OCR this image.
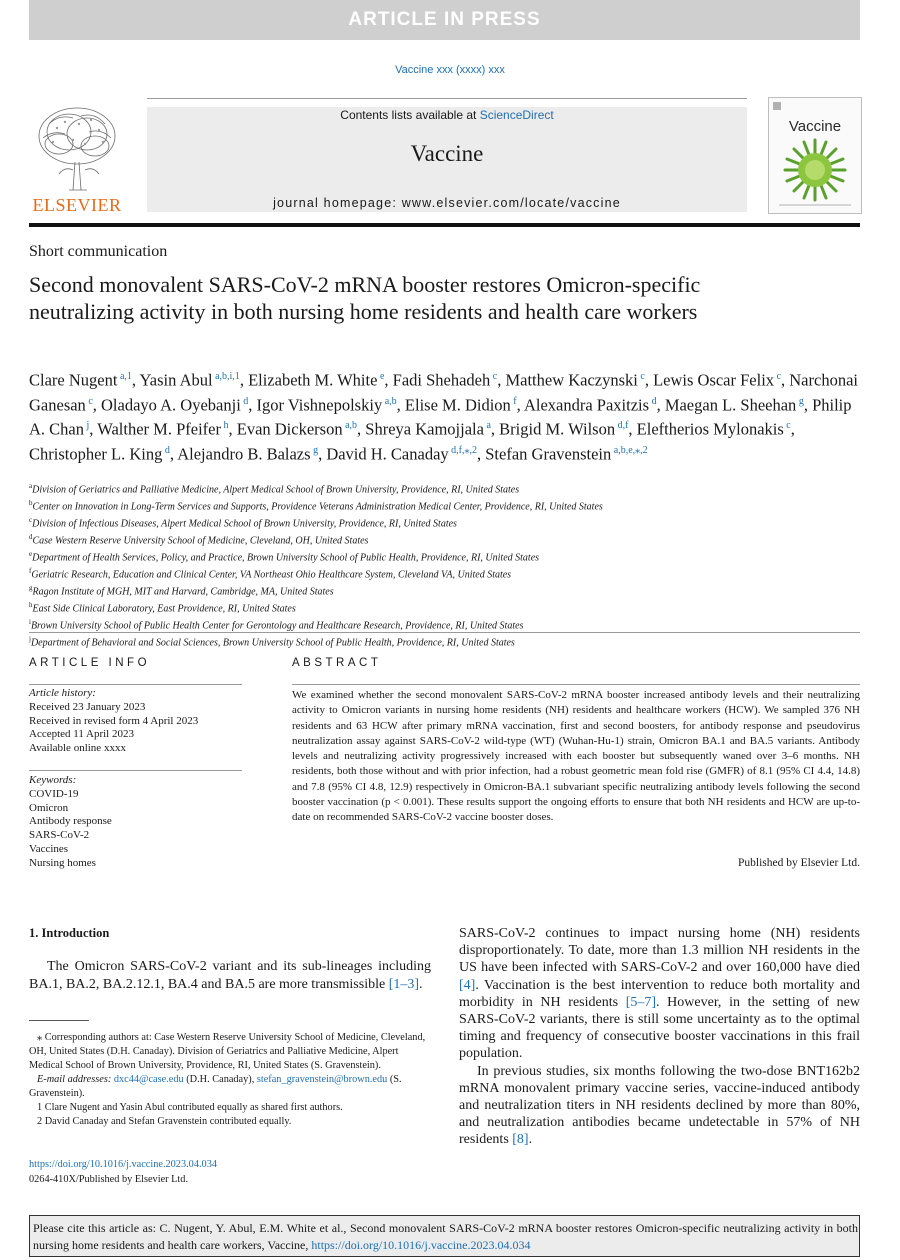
ARTICLE IN PRESS
Vaccine xxx (xxxx) xxx
Contents lists available at ScienceDirect
Vaccine
journal homepage: www.elsevier.com/locate/vaccine
ELSEVIER
Vaccine
Short communication
Second monovalent SARS-CoV-2 mRNA booster restores Omicron-specific neutralizing activity in both nursing home residents and health care workers
Clare Nugent $^{a,1}$, Yasin Abul $^{a,b,i,1}$, Elizabeth M. White $^e$, Fadi Shehadeh $^c$, Matthew Kaczynski $^c$, Lewis Oscar Felix $^c$, Narchonai Ganesan $^c$, Oladayo A. Oyebanji $^d$, Igor Vishnepolskiy $^{a,b}$, Elise M. Didion $^f$, Alexandra Paxitzis $^d$, Maegan L. Sheehan $^g$, Philip A. Chan $^j$, Walther M. Pfeifer $^h$, Evan Dickerson $^{a,b}$, Shreya Kamojjala $^a$, Brigid M. Wilson $^{d,f}$, Eleftherios Mylonakis $^c$, Christopher L. King $^d$, Alejandro B. Balazs $^g$, David H. Canaday $^{d,f,⁎,2}$, Stefan Gravenstein $^{a,b,e,⁎,2}$
$^a$Division of Geriatrics and Palliative Medicine, Alpert Medical School of Brown University, Providence, RI, United States
$^b$Center on Innovation in Long-Term Services and Supports, Providence Veterans Administration Medical Center, Providence, RI, United States
$^c$Division of Infectious Diseases, Alpert Medical School of Brown University, Providence, RI, United States
$^d$Case Western Reserve University School of Medicine, Cleveland, OH, United States
$^e$Department of Health Services, Policy, and Practice, Brown University School of Public Health, Providence, RI, United States
$^f$Geriatric Research, Education and Clinical Center, VA Northeast Ohio Healthcare System, Cleveland VA, United States
$^g$Ragon Institute of MGH, MIT and Harvard, Cambridge, MA, United States
$^h$East Side Clinical Laboratory, East Providence, RI, United States
$^i$Brown University School of Public Health Center for Gerontology and Healthcare Research, Providence, RI, United States
$^j$Department of Behavioral and Social Sciences, Brown University School of Public Health, Providence, RI, United States
ARTICLE INFO	ABSTRACT
Article history:
Received 23 January 2023
Received in revised form 4 April 2023
Accepted 11 April 2023
Available online xxxx
Keywords:
COVID-19
Omicron
Antibody response
SARS-CoV-2
Vaccines
Nursing homes
We examined whether the second monovalent SARS-CoV-2 mRNA booster increased antibody levels and their neutralizing activity to Omicron variants in nursing home residents (NH) residents and healthcare workers (HCW). We sampled 376 NH residents and 63 HCW after primary mRNA vaccination, first and second boosters, for antibody response and pseudovirus neutralization assay against SARS-CoV-2 wild-type (WT) (Wuhan-Hu-1) strain, Omicron BA.1 and BA.5 variants. Antibody levels and neutralizing activity progressively increased with each booster but subsequently waned over 3–6 months. NH residents, both those without and with prior infection, had a robust geometric mean fold rise (GMFR) of 8.1 (95% CI 4.4, 14.8) and 7.8 (95% CI 4.8, 12.9) respectively in Omicron-BA.1 subvariant specific neutralizing antibody levels following the second booster vaccination (p < 0.001). These results support the ongoing efforts to ensure that both NH residents and HCW are up-to-date on recommended SARS-CoV-2 vaccine booster doses.
Published by Elsevier Ltd.
1. Introduction
The Omicron SARS-CoV-2 variant and its sub-lineages including BA.1, BA.2, BA.2.12.1, BA.4 and BA.5 are more transmissible [1–3].

⁎ Corresponding authors at: Case Western Reserve University School of Medicine, Cleveland, OH, United States (D.H. Canaday). Division of Geriatrics and Palliative Medicine, Alpert Medical School of Brown University, Providence, RI, United States (S. Gravenstein).

E-mail addresses: dxc44@case.edu (D.H. Canaday), stefan_gravenstein@brown.edu (S. Gravenstein).

1 Clare Nugent and Yasin Abul contributed equally as shared first authors.

2 David Canaday and Stefan Gravenstein contributed equally.

https://doi.org/10.1016/j.vaccine.2023.04.034
0264-410X/Published by Elsevier Ltd.

SARS-CoV-2 continues to impact nursing home (NH) residents disproportionately. To date, more than 1.3 million NH residents in the US have been infected with SARS-CoV-2 and over 160,000 have died [4]. Vaccination is the best intervention to reduce both mortality and morbidity in NH residents [5–7]. However, in the setting of new SARS-CoV-2 variants, there is still some uncertainty as to the optimal timing and frequency of consecutive booster vaccinations in this frail population.

In previous studies, six months following the two-dose BNT162b2 mRNA monovalent primary vaccine series, vaccine-induced antibody and neutralization titers in NH residents declined by more than 80%, and neutralization antibodies became undetectable in 57% of NH residents [8].

Please cite this article as: C. Nugent, Y. Abul, E.M. White et al., Second monovalent SARS-CoV-2 mRNA booster restores Omicron-specific neutralizing activity in both nursing home residents and health care workers, Vaccine, https://doi.org/10.1016/j.vaccine.2023.04.034
